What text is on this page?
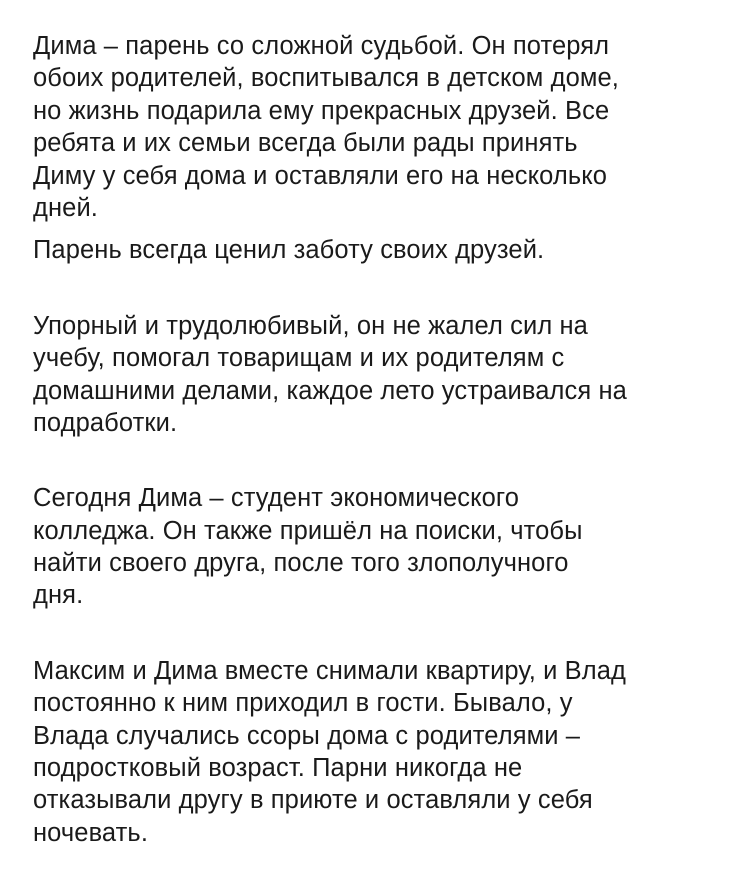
Дима – парень со сложной судьбой. Он потерял
обоих родителей, воспитывался в детском доме,
но жизнь подарила ему прекрасных друзей. Все
ребята и их семьи всегда были рады принять
Диму у себя дома и оставляли его на несколько
дней.

Парень всегда ценил заботу своих друзей.

Упорный и трудолюбивый, он не жалел сил на
учебу, помогал товарищам и их родителям с
домашними делами, каждое лето устраивался на
подработки.

Сегодня Дима – студент экономического
колледжа. Он также пришёл на поиски, чтобы
найти своего друга, после того злополучного
дня.

Максим и Дима вместе снимали квартиру, и Влад
постоянно к ним приходил в гости. Бывало, у
Влада случались ссоры дома с родителями –
подростковый возраст. Парни никогда не
отказывали другу в приюте и оставляли у себя
ночевать.
